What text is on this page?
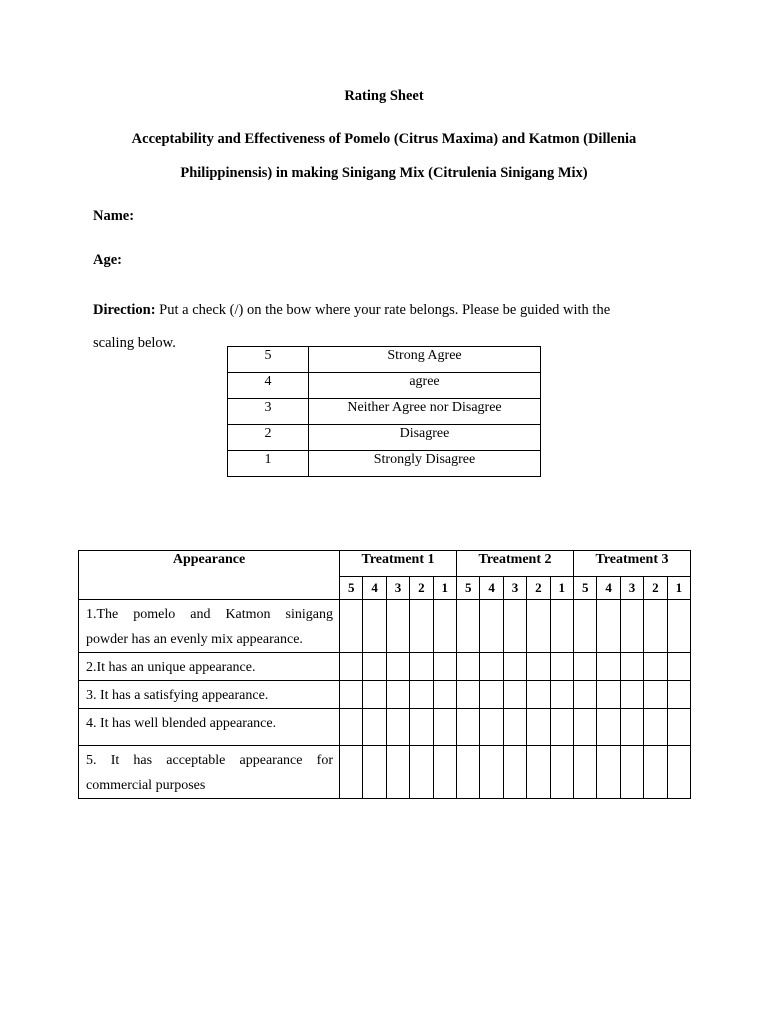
Rating Sheet
Acceptability and Effectiveness of Pomelo (Citrus Maxima) and Katmon (Dillenia
Philippinensis) in making Sinigang Mix (Citrulenia Sinigang Mix)
Name:
Age:
Direction: Put a check (/) on the bow where your rate belongs. Please be guided with the
scaling below.
5	Strong Agree
4	agree
3	Neither Agree nor Disagree
2	Disagree
1	Strongly Disagree
Appearance	Treatment 1					Treatment 2					Treatment 3				
	5	4	3	2	1	5	4	3	2	1	5	4	3	2	1

1.The pomelo and Katmon sinigang
powder has an evenly mix appearance.															

2.It has an unique appearance.															

3. It has a satisfying appearance.															

4. It has well blended appearance.															

5. It has acceptable appearance for
commercial purposes															
